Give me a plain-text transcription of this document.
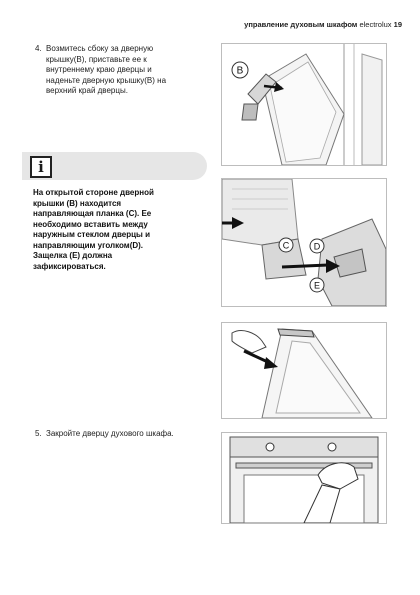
управление духовым шкафом electrolux 19
4. Возмитесь сбоку за дверную
крышку(B), приставьте ее к
внутреннему краю дверцы и
наденьте дверную крышку(B) на
верхний край дверцы.
B
i
На открытой стороне дверной
крышки (B) находится
направляющая планка (C). Ее
необходимо вставить между
наружным стеклом дверцы и
направляющим уголком(D).
Защелка (E) должна
зафиксироваться.
C	D
E
5. Закройте дверцу духового шкафа.
